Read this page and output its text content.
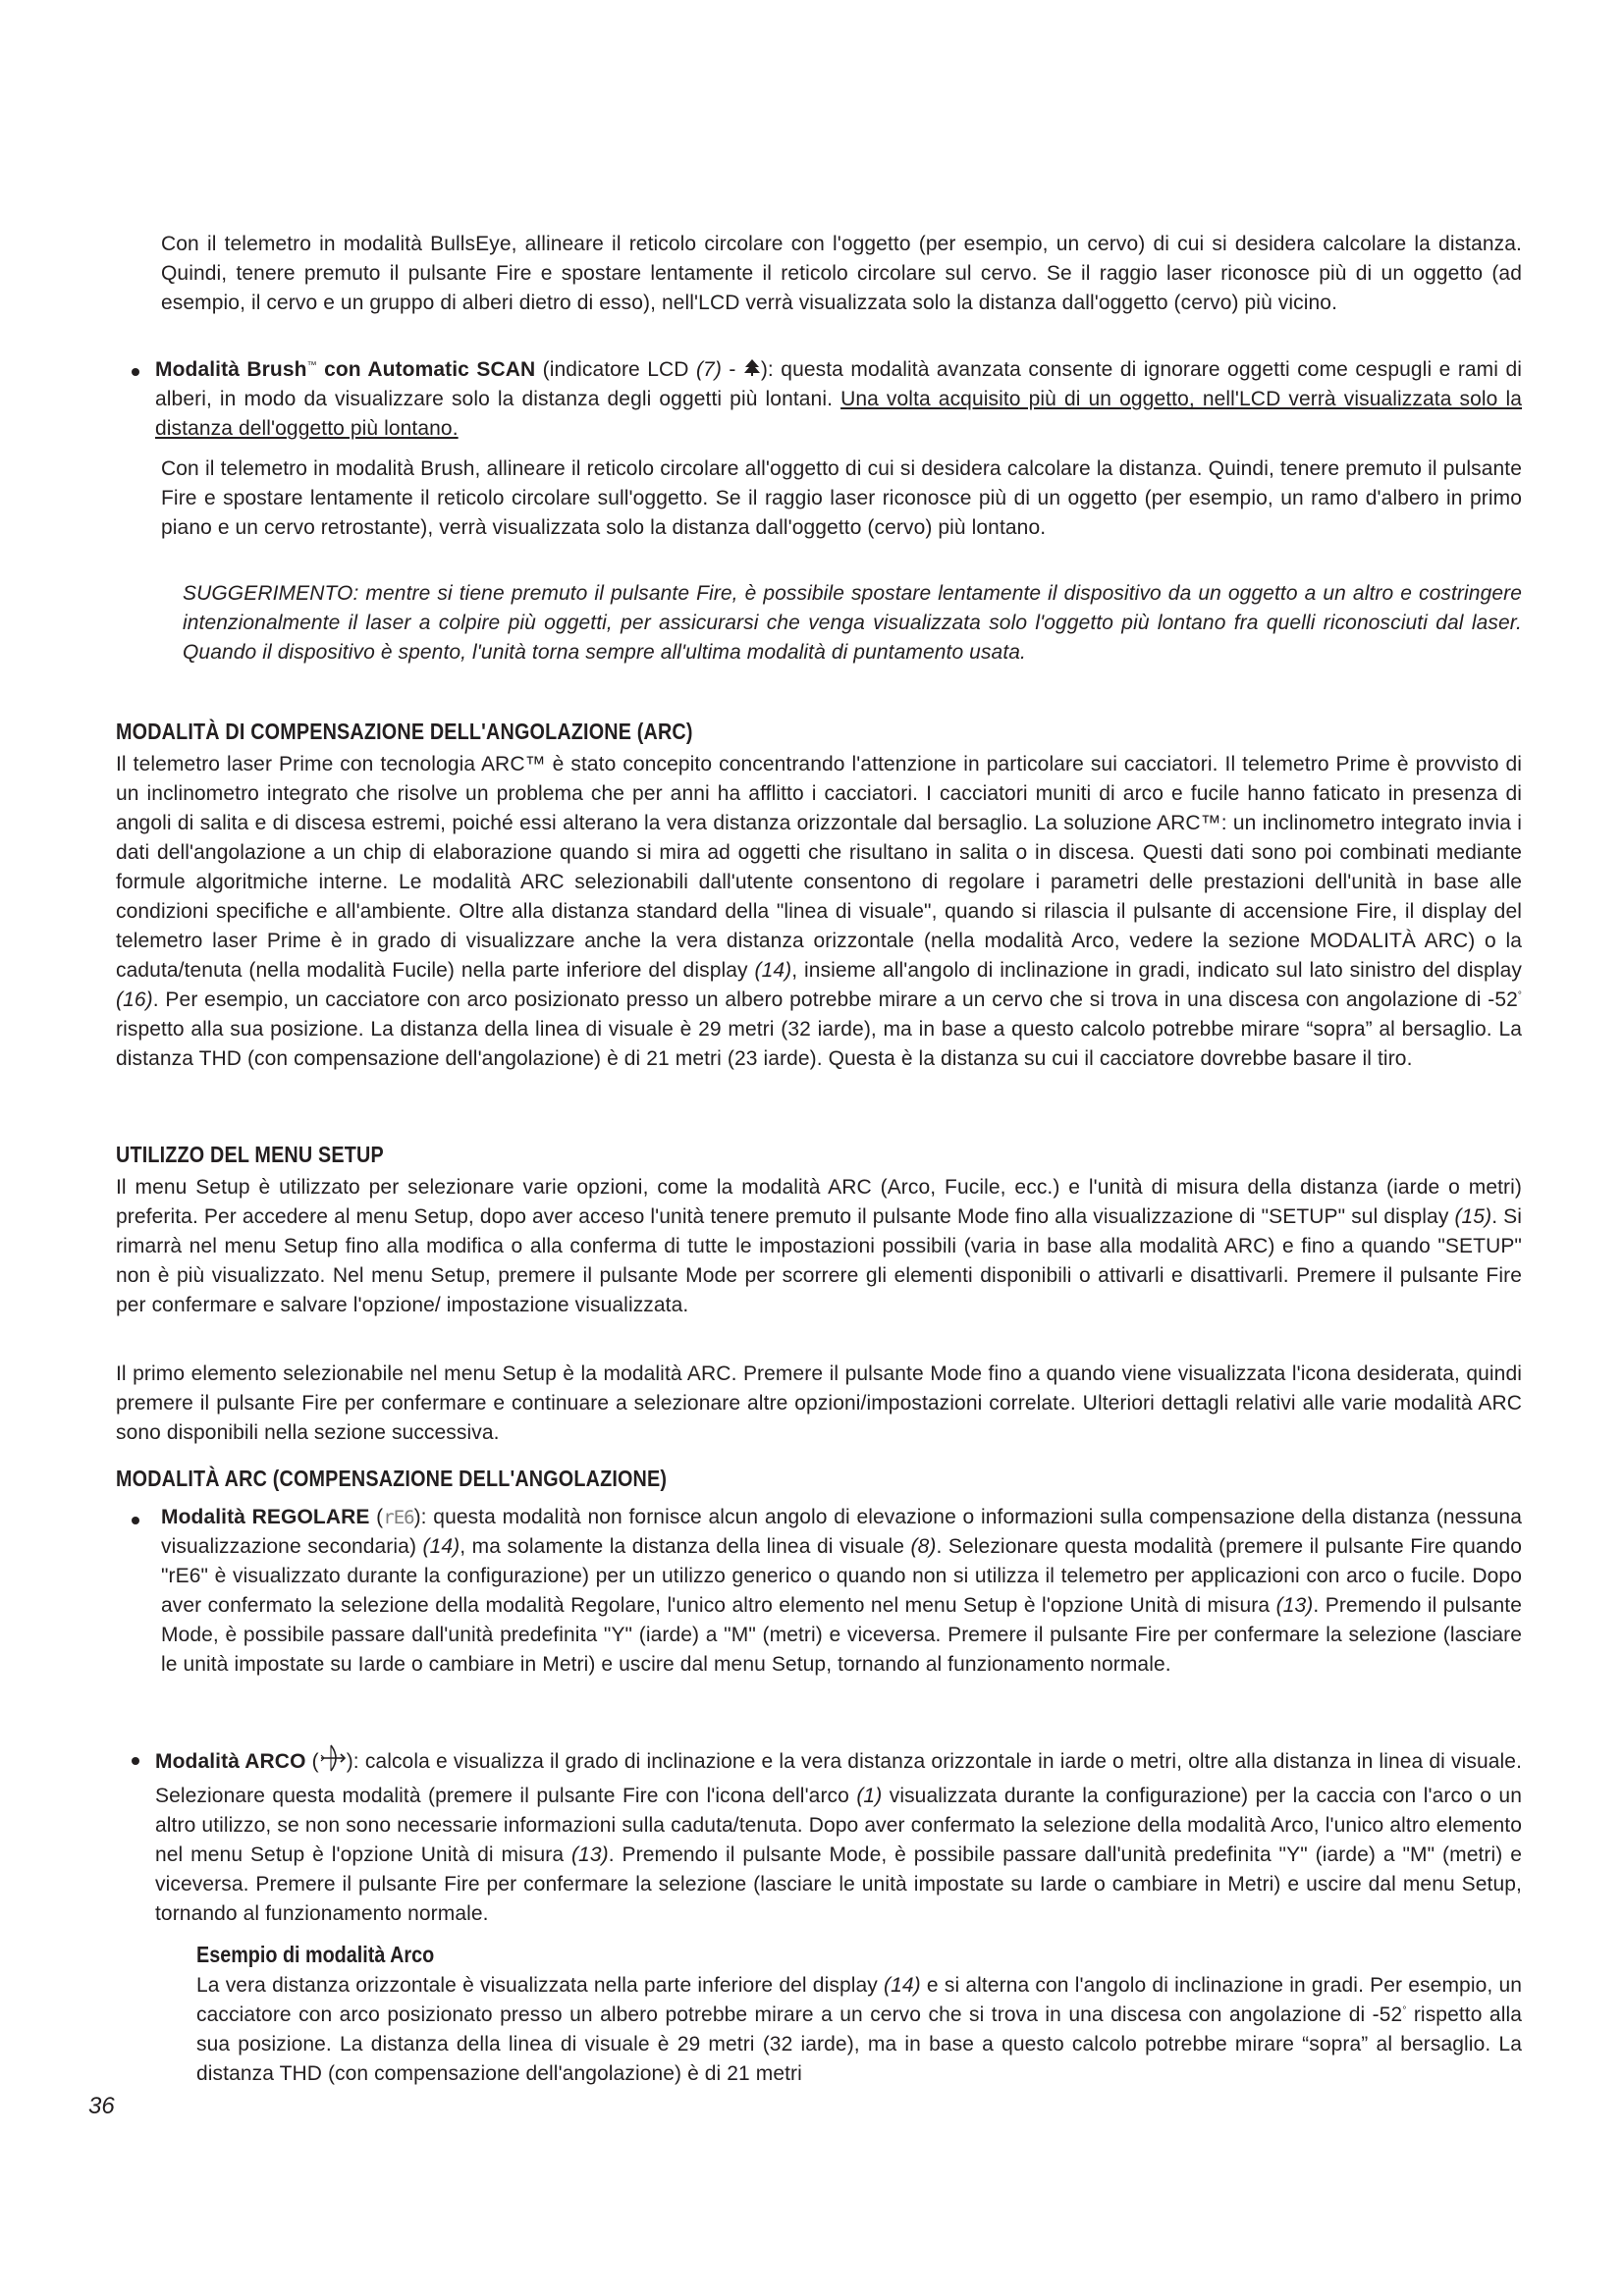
Con il telemetro in modalità BullsEye, allineare il reticolo circolare con l'oggetto (per esempio, un cervo) di cui si desidera calcolare la distanza. Quindi, tenere premuto il pulsante Fire e spostare lentamente il reticolo circolare sul cervo. Se il raggio laser riconosce più di un oggetto (ad esempio, il cervo e un gruppo di alberi dietro di esso), nell'LCD verrà visualizzata solo la distanza dall'oggetto (cervo) più vicino.

Modalità Brush™ con Automatic SCAN (indicatore LCD (7) - ): questa modalità avanzata consente di ignorare oggetti come cespugli e rami di alberi, in modo da visualizzare solo la distanza degli oggetti più lontani. Una volta acquisito più di un oggetto, nell'LCD verrà visualizzata solo la distanza dell'oggetto più lontano.

Con il telemetro in modalità Brush, allineare il reticolo circolare all'oggetto di cui si desidera calcolare la distanza. Quindi, tenere premuto il pulsante Fire e spostare lentamente il reticolo circolare sull'oggetto. Se il raggio laser riconosce più di un oggetto (per esempio, un ramo d'albero in primo piano e un cervo retrostante), verrà visualizzata solo la distanza dall'oggetto (cervo) più lontano.

SUGGERIMENTO: mentre si tiene premuto il pulsante Fire, è possibile spostare lentamente il dispositivo da un oggetto a un altro e costringere intenzionalmente il laser a colpire più oggetti, per assicurarsi che venga visualizzata solo l'oggetto più lontano fra quelli riconosciuti dal laser. Quando il dispositivo è spento, l'unità torna sempre all'ultima modalità di puntamento usata.

MODALITÀ DI COMPENSAZIONE DELL'ANGOLAZIONE (ARC)

Il telemetro laser Prime con tecnologia ARC™ è stato concepito concentrando l'attenzione in particolare sui cacciatori. Il telemetro Prime è provvisto di un inclinometro integrato che risolve un problema che per anni ha afflitto i cacciatori. I cacciatori muniti di arco e fucile hanno faticato in presenza di angoli di salita e di discesa estremi, poiché essi alterano la vera distanza orizzontale dal bersaglio. La soluzione ARC™: un inclinometro integrato invia i dati dell'angolazione a un chip di elaborazione quando si mira ad oggetti che risultano in salita o in discesa. Questi dati sono poi combinati mediante formule algoritmiche interne. Le modalità ARC selezionabili dall'utente consentono di regolare i parametri delle prestazioni dell'unità in base alle condizioni specifiche e all'ambiente. Oltre alla distanza standard della "linea di visuale", quando si rilascia il pulsante di accensione Fire, il display del telemetro laser Prime è in grado di visualizzare anche la vera distanza orizzontale (nella modalità Arco, vedere la sezione MODALITÀ ARC) o la caduta/tenuta (nella modalità Fucile) nella parte inferiore del display (14), insieme all'angolo di inclinazione in gradi, indicato sul lato sinistro del display (16). Per esempio, un cacciatore con arco posizionato presso un albero potrebbe mirare a un cervo che si trova in una discesa con angolazione di -52° rispetto alla sua posizione. La distanza della linea di visuale è 29 metri (32 iarde), ma in base a questo calcolo potrebbe mirare “sopra” al bersaglio. La distanza THD (con compensazione dell'angolazione) è di 21 metri (23 iarde). Questa è la distanza su cui il cacciatore dovrebbe basare il tiro.

UTILIZZO DEL MENU SETUP

Il menu Setup è utilizzato per selezionare varie opzioni, come la modalità ARC (Arco, Fucile, ecc.) e l'unità di misura della distanza (iarde o metri) preferita. Per accedere al menu Setup, dopo aver acceso l'unità tenere premuto il pulsante Mode fino alla visualizzazione di "SETUP" sul display (15). Si rimarrà nel menu Setup fino alla modifica o alla conferma di tutte le impostazioni possibili (varia in base alla modalità ARC) e fino a quando "SETUP" non è più visualizzato. Nel menu Setup, premere il pulsante Mode per scorrere gli elementi disponibili o attivarli e disattivarli. Premere il pulsante Fire per confermare e salvare l'opzione/ impostazione visualizzata.

Il primo elemento selezionabile nel menu Setup è la modalità ARC. Premere il pulsante Mode fino a quando viene visualizzata l'icona desiderata, quindi premere il pulsante Fire per confermare e continuare a selezionare altre opzioni/impostazioni correlate. Ulteriori dettagli relativi alle varie modalità ARC sono disponibili nella sezione successiva.

MODALITÀ ARC (COMPENSAZIONE DELL'ANGOLAZIONE)

Modalità REGOLARE (rE6): questa modalità non fornisce alcun angolo di elevazione o informazioni sulla compensazione della distanza (nessuna visualizzazione secondaria) (14), ma solamente la distanza della linea di visuale (8). Selezionare questa modalità (premere il pulsante Fire quando "rE6" è visualizzato durante la configurazione) per un utilizzo generico o quando non si utilizza il telemetro per applicazioni con arco o fucile. Dopo aver confermato la selezione della modalità Regolare, l'unico altro elemento nel menu Setup è l'opzione Unità di misura (13). Premendo il pulsante Mode, è possibile passare dall'unità predefinita "Y" (iarde) a "M" (metri) e viceversa. Premere il pulsante Fire per confermare la selezione (lasciare le unità impostate su Iarde o cambiare in Metri) e uscire dal menu Setup, tornando al funzionamento normale.

Modalità ARCO ( ): calcola e visualizza il grado di inclinazione e la vera distanza orizzontale in iarde o metri, oltre alla distanza in linea di visuale. Selezionare questa modalità (premere il pulsante Fire con l'icona dell'arco (1) visualizzata durante la configurazione) per la caccia con l'arco o un altro utilizzo, se non sono necessarie informazioni sulla caduta/tenuta. Dopo aver confermato la selezione della modalità Arco, l'unico altro elemento nel menu Setup è l'opzione Unità di misura (13). Premendo il pulsante Mode, è possibile passare dall'unità predefinita "Y" (iarde) a "M" (metri) e viceversa. Premere il pulsante Fire per confermare la selezione (lasciare le unità impostate su Iarde o cambiare in Metri) e uscire dal menu Setup, tornando al funzionamento normale.

Esempio di modalità Arco

La vera distanza orizzontale è visualizzata nella parte inferiore del display (14) e si alterna con l'angolo di inclinazione in gradi. Per esempio, un cacciatore con arco posizionato presso un albero potrebbe mirare a un cervo che si trova in una discesa con angolazione di -52° rispetto alla sua posizione. La distanza della linea di visuale è 29 metri (32 iarde), ma in base a questo calcolo potrebbe mirare “sopra” al bersaglio. La distanza THD (con compensazione dell'angolazione) è di 21 metri

36
